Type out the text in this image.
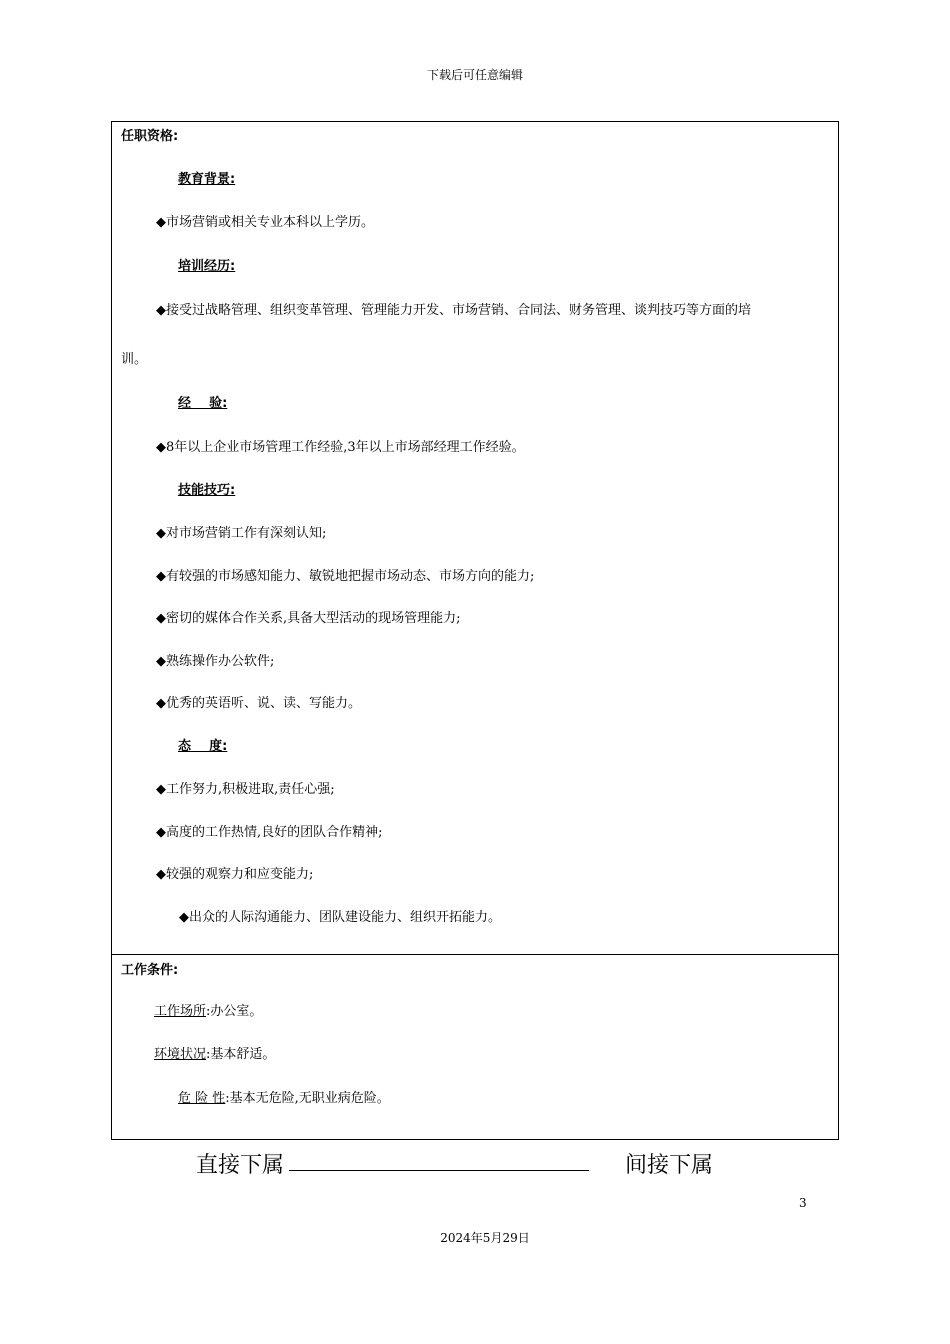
下载后可任意编辑
任职资格:
教育背景:
◆市场营销或相关专业本科以上学历。
培训经历:
◆接受过战略管理、组织变革管理、管理能力开发、市场营销、合同法、财务管理、谈判技巧等方面的培
训。
经    验:
◆8年以上企业市场管理工作经验,3年以上市场部经理工作经验。
技能技巧:
◆对市场营销工作有深刻认知;
◆有较强的市场感知能力、敏锐地把握市场动态、市场方向的能力;
◆密切的媒体合作关系,具备大型活动的现场管理能力;
◆熟练操作办公软件;
◆优秀的英语听、说、读、写能力。
态    度:
◆工作努力,积极进取,责任心强;
◆高度的工作热情,良好的团队合作精神;
◆较强的观察力和应变能力;
◆出众的人际沟通能力、团队建设能力、组织开拓能力。
工作条件:
工作场所:办公室。
环境状况:基本舒适。
危 险 性:基本无危险,无职业病危险。
直接下属	间接下属
3
2024年5月29日
